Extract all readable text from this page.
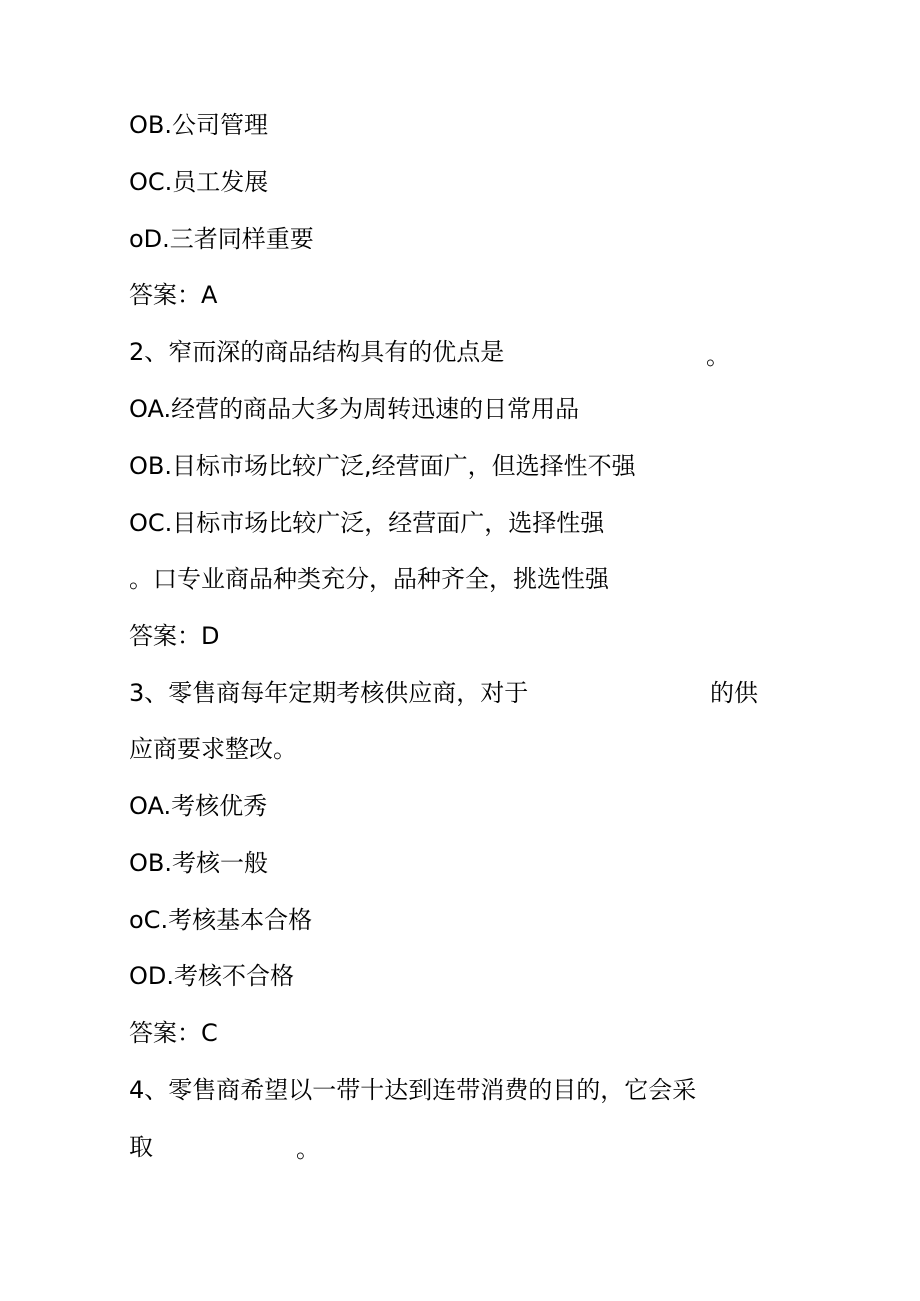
OB.公司管理

OC.员工发展

oD.三者同样重要

答案：A

2、窄而深的商品结构具有的优点是	。

OA.经营的商品大多为周转迅速的日常用品

OB.目标市场比较广泛,经营面广，但选择性不强

OC.目标市场比较广泛，经营面广，选择性强

。口专业商品种类充分，品种齐全，挑选性强

答案：D

3、零售商每年定期考核供应商，对于	的供

应商要求整改。

OA.考核优秀

OB.考核一般

oC.考核基本合格

OD.考核不合格

答案：C

4、零售商希望以一带十达到连带消费的目的，它会采

取	。
